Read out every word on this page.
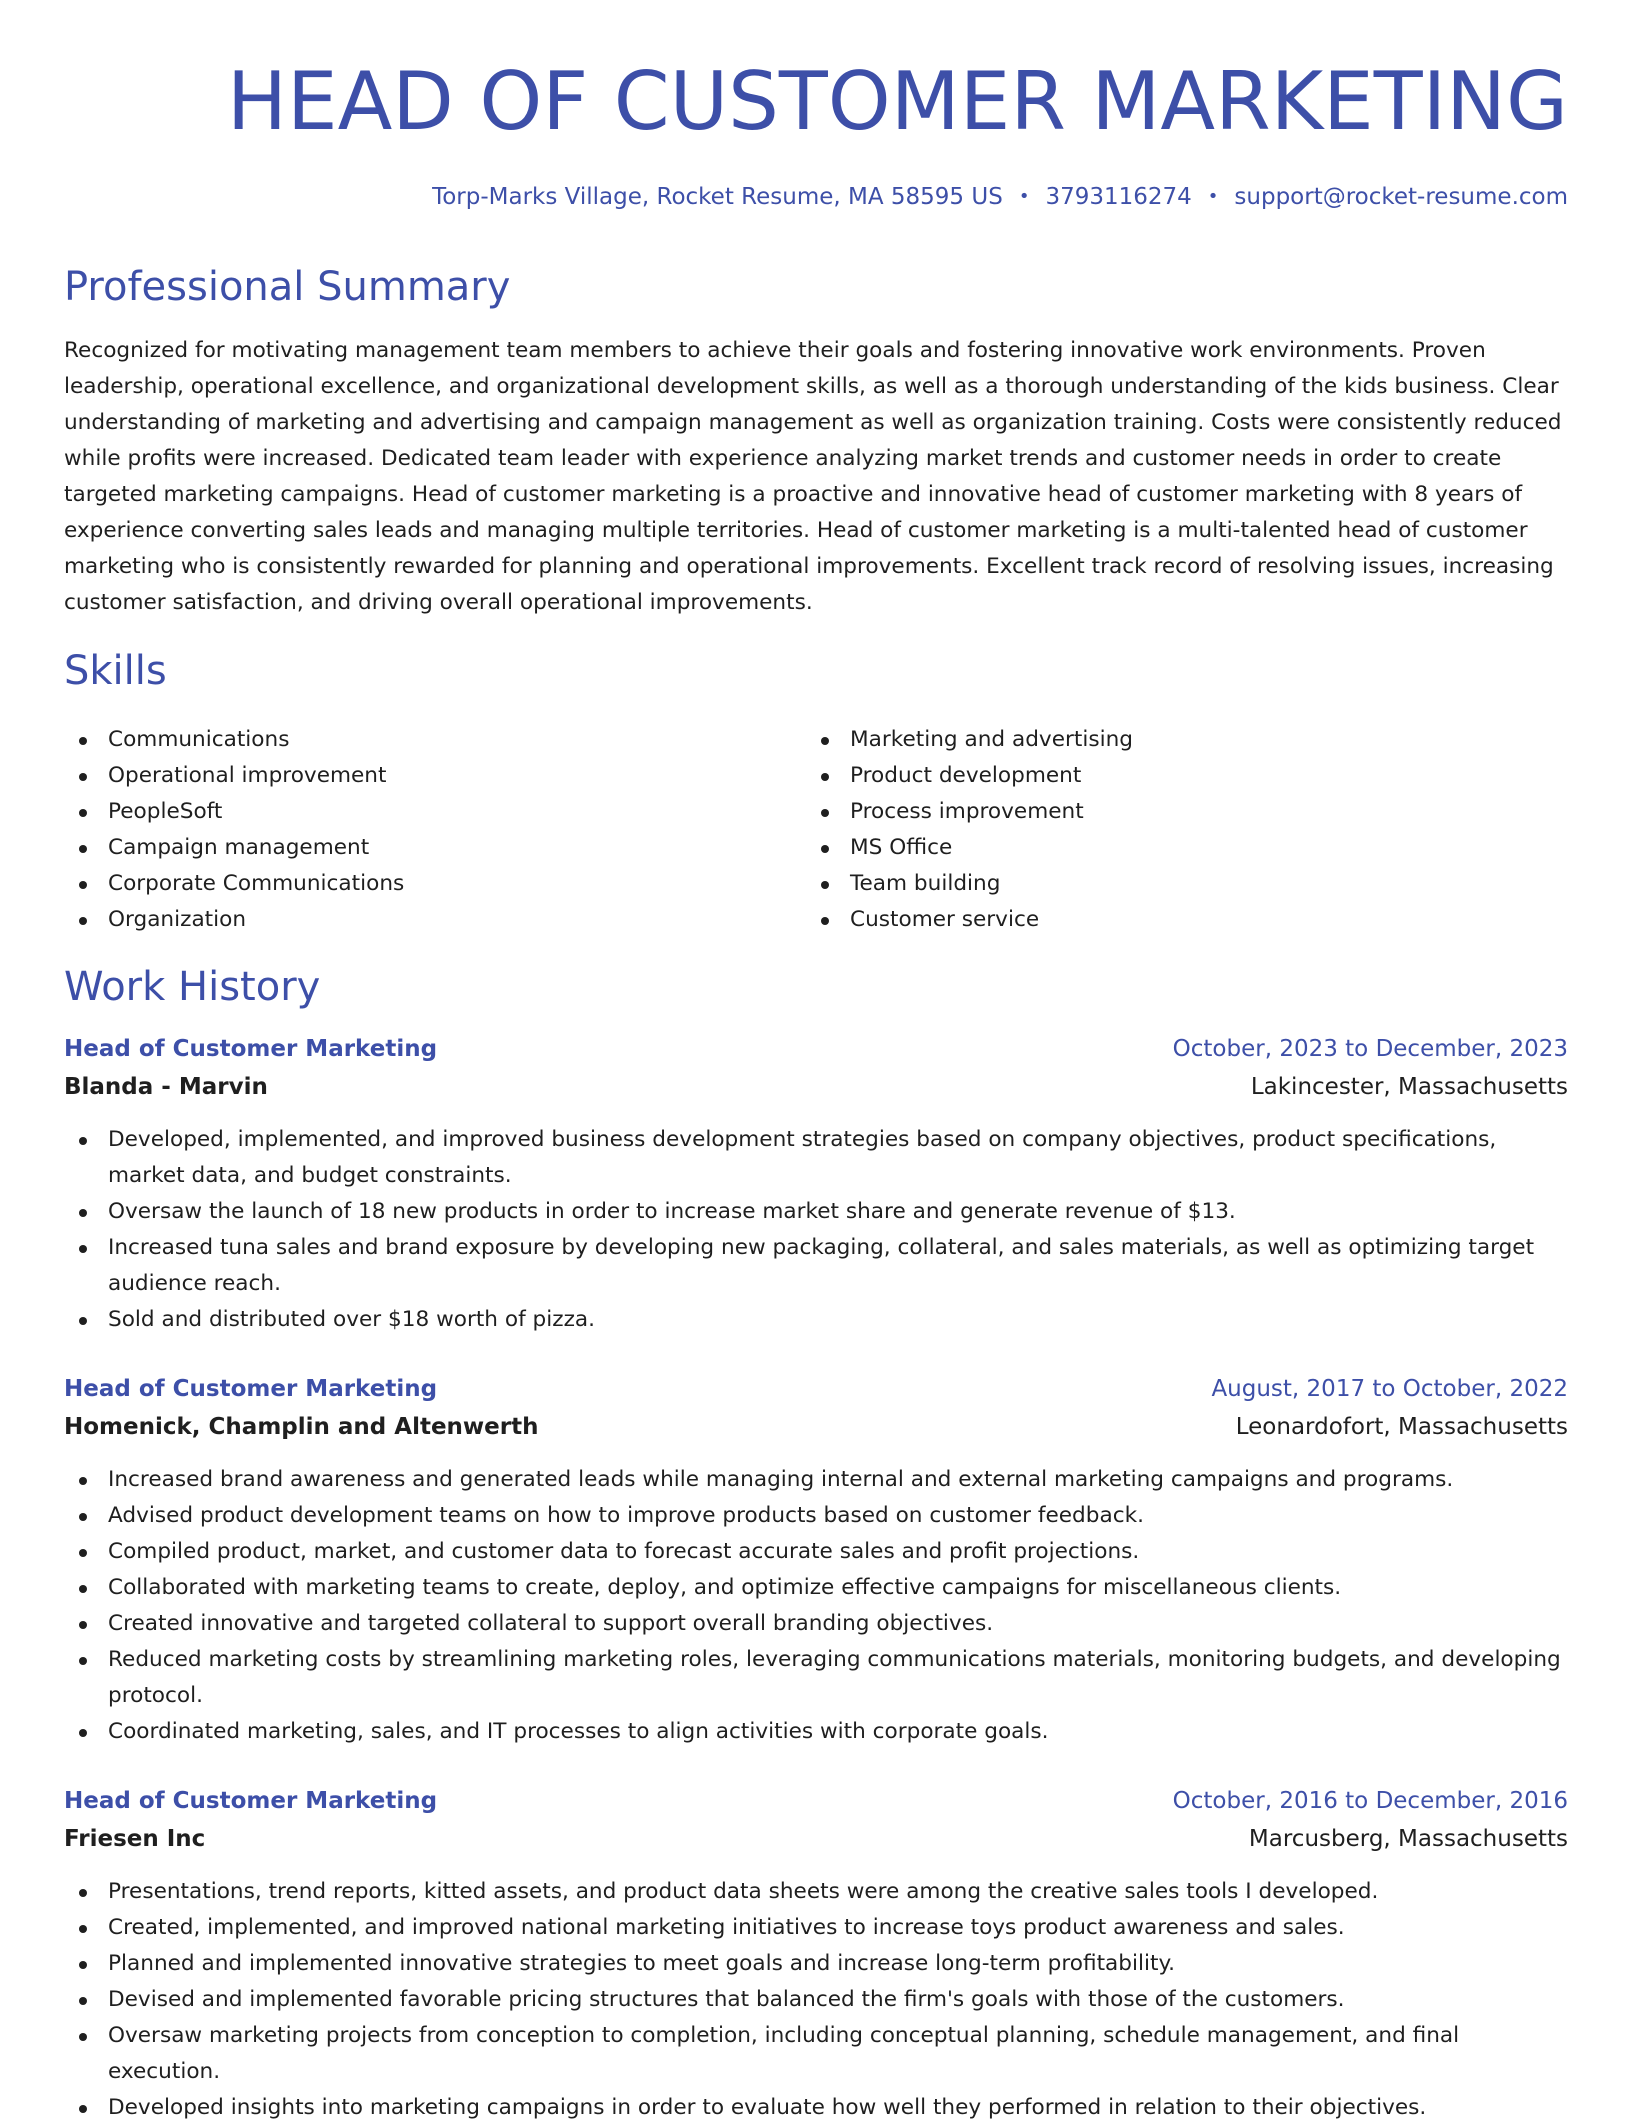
HEAD OF CUSTOMER MARKETING
Torp-Marks Village, Rocket Resume, MA 58595 US • 3793116274 • support@rocket-resume.com
Professional Summary

Recognized for motivating management team members to achieve their goals and fostering innovative work environments. Proven leadership, operational excellence, and organizational development skills, as well as a thorough understanding of the kids business. Clear understanding of marketing and advertising and campaign management as well as organization training. Costs were consistently reduced while profits were increased. Dedicated team leader with experience analyzing market trends and customer needs in order to create targeted marketing campaigns. Head of customer marketing is a proactive and innovative head of customer marketing with 8 years of experience converting sales leads and managing multiple territories. Head of customer marketing is a multi-talented head of customer marketing who is consistently rewarded for planning and operational improvements. Excellent track record of resolving issues, increasing customer satisfaction, and driving overall operational improvements.

Skills
Communications
Operational improvement
PeopleSoft
Campaign management
Corporate Communications
Organization
Marketing and advertising
Product development
Process improvement
MS Office
Team building
Customer service
Work History
Head of Customer Marketing	October, 2023 to December, 2023
Blanda - Marvin	Lakincester, Massachusetts
Developed, implemented, and improved business development strategies based on company objectives, product specifications, market data, and budget constraints.
Oversaw the launch of 18 new products in order to increase market share and generate revenue of $13.
Increased tuna sales and brand exposure by developing new packaging, collateral, and sales materials, as well as optimizing target audience reach.
Sold and distributed over $18 worth of pizza.
Head of Customer Marketing	August, 2017 to October, 2022
Homenick, Champlin and Altenwerth	Leonardofort, Massachusetts
Increased brand awareness and generated leads while managing internal and external marketing campaigns and programs.
Advised product development teams on how to improve products based on customer feedback.
Compiled product, market, and customer data to forecast accurate sales and profit projections.
Collaborated with marketing teams to create, deploy, and optimize effective campaigns for miscellaneous clients.
Created innovative and targeted collateral to support overall branding objectives.
Reduced marketing costs by streamlining marketing roles, leveraging communications materials, monitoring budgets, and developing protocol.
Coordinated marketing, sales, and IT processes to align activities with corporate goals.
Head of Customer Marketing	October, 2016 to December, 2016
Friesen Inc	Marcusberg, Massachusetts
Presentations, trend reports, kitted assets, and product data sheets were among the creative sales tools I developed.
Created, implemented, and improved national marketing initiatives to increase toys product awareness and sales.
Planned and implemented innovative strategies to meet goals and increase long-term profitability.
Devised and implemented favorable pricing structures that balanced the firm's goals with those of the customers.
Oversaw marketing projects from conception to completion, including conceptual planning, schedule management, and final execution.
Developed insights into marketing campaigns in order to evaluate how well they performed in relation to their objectives.
